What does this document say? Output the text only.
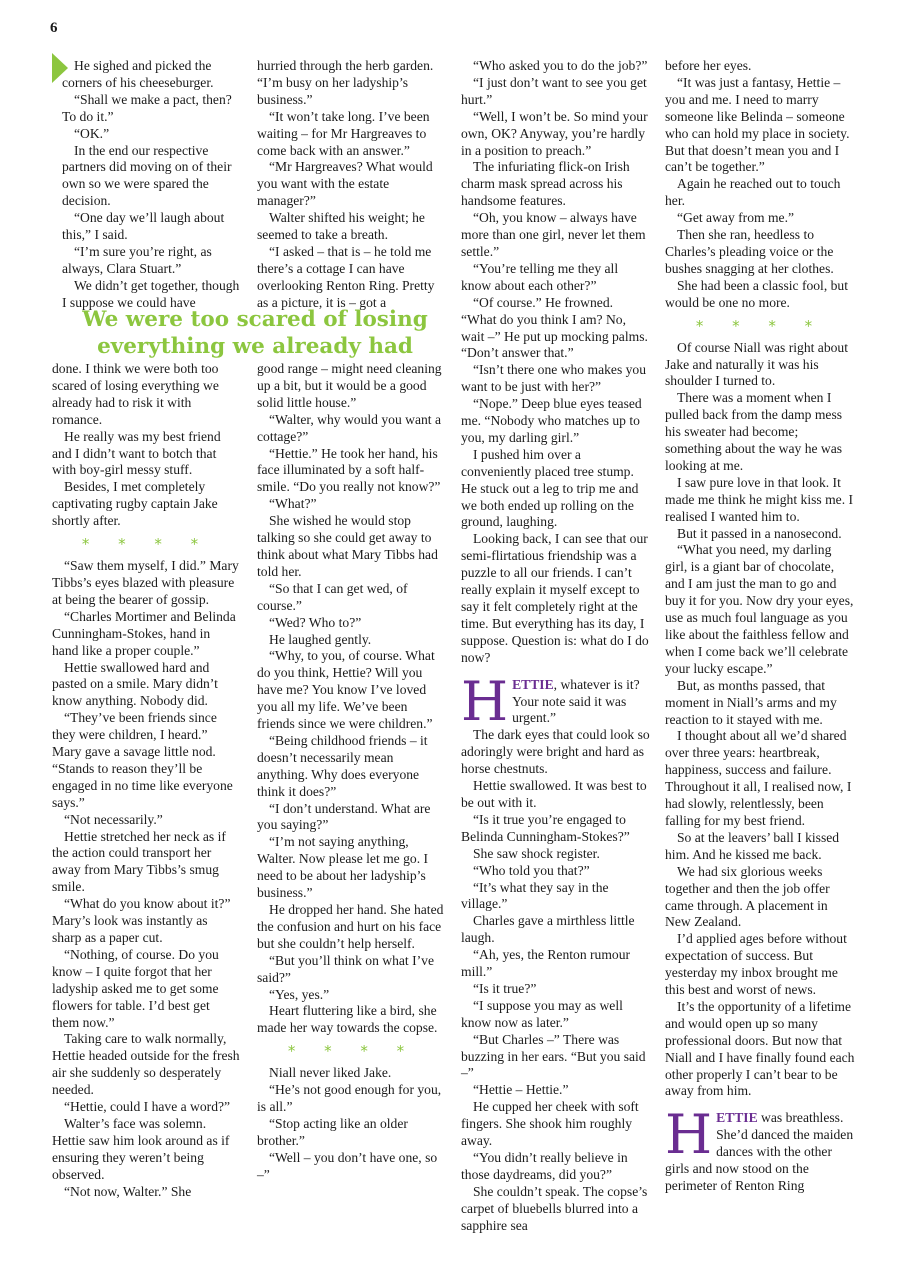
6

He sighed and picked the corners of his cheeseburger.

“Shall we make a pact, then? To do it.”

“OK.”

In the end our respective partners did moving on of their own so we were spared the decision.

“One day we’ll laugh about this,” I said.

“I’m sure you’re right, as always, Clara Stuart.”

We didn’t get together, though I suppose we could have

We were too scared of losing
everything we already had

done. I think we were both too scared of losing everything we already had to risk it with romance.

He really was my best friend and I didn’t want to botch that with boy-girl messy stuff.

Besides, I met completely captivating rugby captain Jake shortly after.

* * * *

“Saw them myself, I did.” Mary Tibbs’s eyes blazed with pleasure at being the bearer of gossip.

“Charles Mortimer and Belinda Cunningham-Stokes, hand in hand like a proper couple.”

Hettie swallowed hard and pasted on a smile. Mary didn’t know anything. Nobody did.

“They’ve been friends since they were children, I heard.” Mary gave a savage little nod. “Stands to reason they’ll be engaged in no time like everyone says.”

“Not necessarily.”

Hettie stretched her neck as if the action could transport her away from Mary Tibbs’s smug smile.

“What do you know about it?” Mary’s look was instantly as sharp as a paper cut.

“Nothing, of course. Do you know – I quite forgot that her ladyship asked me to get some flowers for table. I’d best get them now.”

Taking care to walk normally, Hettie headed outside for the fresh air she suddenly so desperately needed.

“Hettie, could I have a word?”

Walter’s face was solemn. Hettie saw him look around as if ensuring they weren’t being observed.

“Not now, Walter.” She

hurried through the herb garden. “I’m busy on her ladyship’s business.”

“It won’t take long. I’ve been waiting – for Mr Hargreaves to come back with an answer.”

“Mr Hargreaves? What would you want with the estate manager?”

Walter shifted his weight; he seemed to take a breath.

“I asked – that is – he told me there’s a cottage I can have overlooking Renton Ring. Pretty as a picture, it is – got a

good range – might need cleaning up a bit, but it would be a good solid little house.”

“Walter, why would you want a cottage?”

“Hettie.” He took her hand, his face illuminated by a soft half-smile. “Do you really not know?”

“What?”

She wished he would stop talking so she could get away to think about what Mary Tibbs had told her.

“So that I can get wed, of course.”

“Wed? Who to?”

He laughed gently.

“Why, to you, of course. What do you think, Hettie? Will you have me? You know I’ve loved you all my life. We’ve been friends since we were children.”

“Being childhood friends – it doesn’t necessarily mean anything. Why does everyone think it does?”

“I don’t understand. What are you saying?”

“I’m not saying anything, Walter. Now please let me go. I need to be about her ladyship’s business.”

He dropped her hand. She hated the confusion and hurt on his face but she couldn’t help herself.

“But you’ll think on what I’ve said?”

“Yes, yes.”

Heart fluttering like a bird, she made her way towards the copse.

* * * *

Niall never liked Jake.

“He’s not good enough for you, is all.”

“Stop acting like an older brother.”

“Well – you don’t have one, so –”

“Who asked you to do the job?”

“I just don’t want to see you get hurt.”

“Well, I won’t be. So mind your own, OK? Anyway, you’re hardly in a position to preach.”

The infuriating flick-on Irish charm mask spread across his handsome features.

“Oh, you know – always have more than one girl, never let them settle.”

“You’re telling me they all know about each other?”

“Of course.” He frowned. “What do you think I am? No, wait –” He put up mocking palms. “Don’t answer that.”

“Isn’t there one who makes you want to be just with her?”

“Nope.” Deep blue eyes teased me. “Nobody who matches up to you, my darling girl.”

I pushed him over a conveniently placed tree stump. He stuck out a leg to trip me and we both ended up rolling on the ground, laughing.

Looking back, I can see that our semi-flirtatious friendship was a puzzle to all our friends. I can’t really explain it myself except to say it felt completely right at the time. But everything has its day, I suppose. Question is: what do I do now?

HETTIE, whatever is it? Your note said it was urgent.”

The dark eyes that could look so adoringly were bright and hard as horse chestnuts.

Hettie swallowed. It was best to be out with it.

“Is it true you’re engaged to Belinda Cunningham-Stokes?”

She saw shock register.

“Who told you that?”

“It’s what they say in the village.”

Charles gave a mirthless little laugh.

“Ah, yes, the Renton rumour mill.”

“Is it true?”

“I suppose you may as well know now as later.”

“But Charles –” There was buzzing in her ears. “But you said –”

“Hettie – Hettie.”

He cupped her cheek with soft fingers. She shook him roughly away.

“You didn’t really believe in those daydreams, did you?”

She couldn’t speak. The copse’s carpet of bluebells blurred into a sapphire sea

before her eyes.

“It was just a fantasy, Hettie – you and me. I need to marry someone like Belinda – someone who can hold my place in society. But that doesn’t mean you and I can’t be together.”

Again he reached out to touch her.

“Get away from me.”

Then she ran, heedless to Charles’s pleading voice or the bushes snagging at her clothes.

She had been a classic fool, but would be one no more.

* * * *

Of course Niall was right about Jake and naturally it was his shoulder I turned to.

There was a moment when I pulled back from the damp mess his sweater had become; something about the way he was looking at me.

I saw pure love in that look. It made me think he might kiss me. I realised I wanted him to.

But it passed in a nanosecond.

“What you need, my darling girl, is a giant bar of chocolate, and I am just the man to go and buy it for you. Now dry your eyes, use as much foul language as you like about the faithless fellow and when I come back we’ll celebrate your lucky escape.”

But, as months passed, that moment in Niall’s arms and my reaction to it stayed with me.

I thought about all we’d shared over three years: heartbreak, happiness, success and failure. Throughout it all, I realised now, I had slowly, relentlessly, been falling for my best friend.

So at the leavers’ ball I kissed him. And he kissed me back.

We had six glorious weeks together and then the job offer came through. A placement in New Zealand.

I’d applied ages before without expectation of success. But yesterday my inbox brought me this best and worst of news.

It’s the opportunity of a lifetime and would open up so many professional doors. But now that Niall and I have finally found each other properly I can’t bear to be away from him.

HETTIE was breathless. She’d danced the maiden dances with the other girls and now stood on the perimeter of Renton Ring
